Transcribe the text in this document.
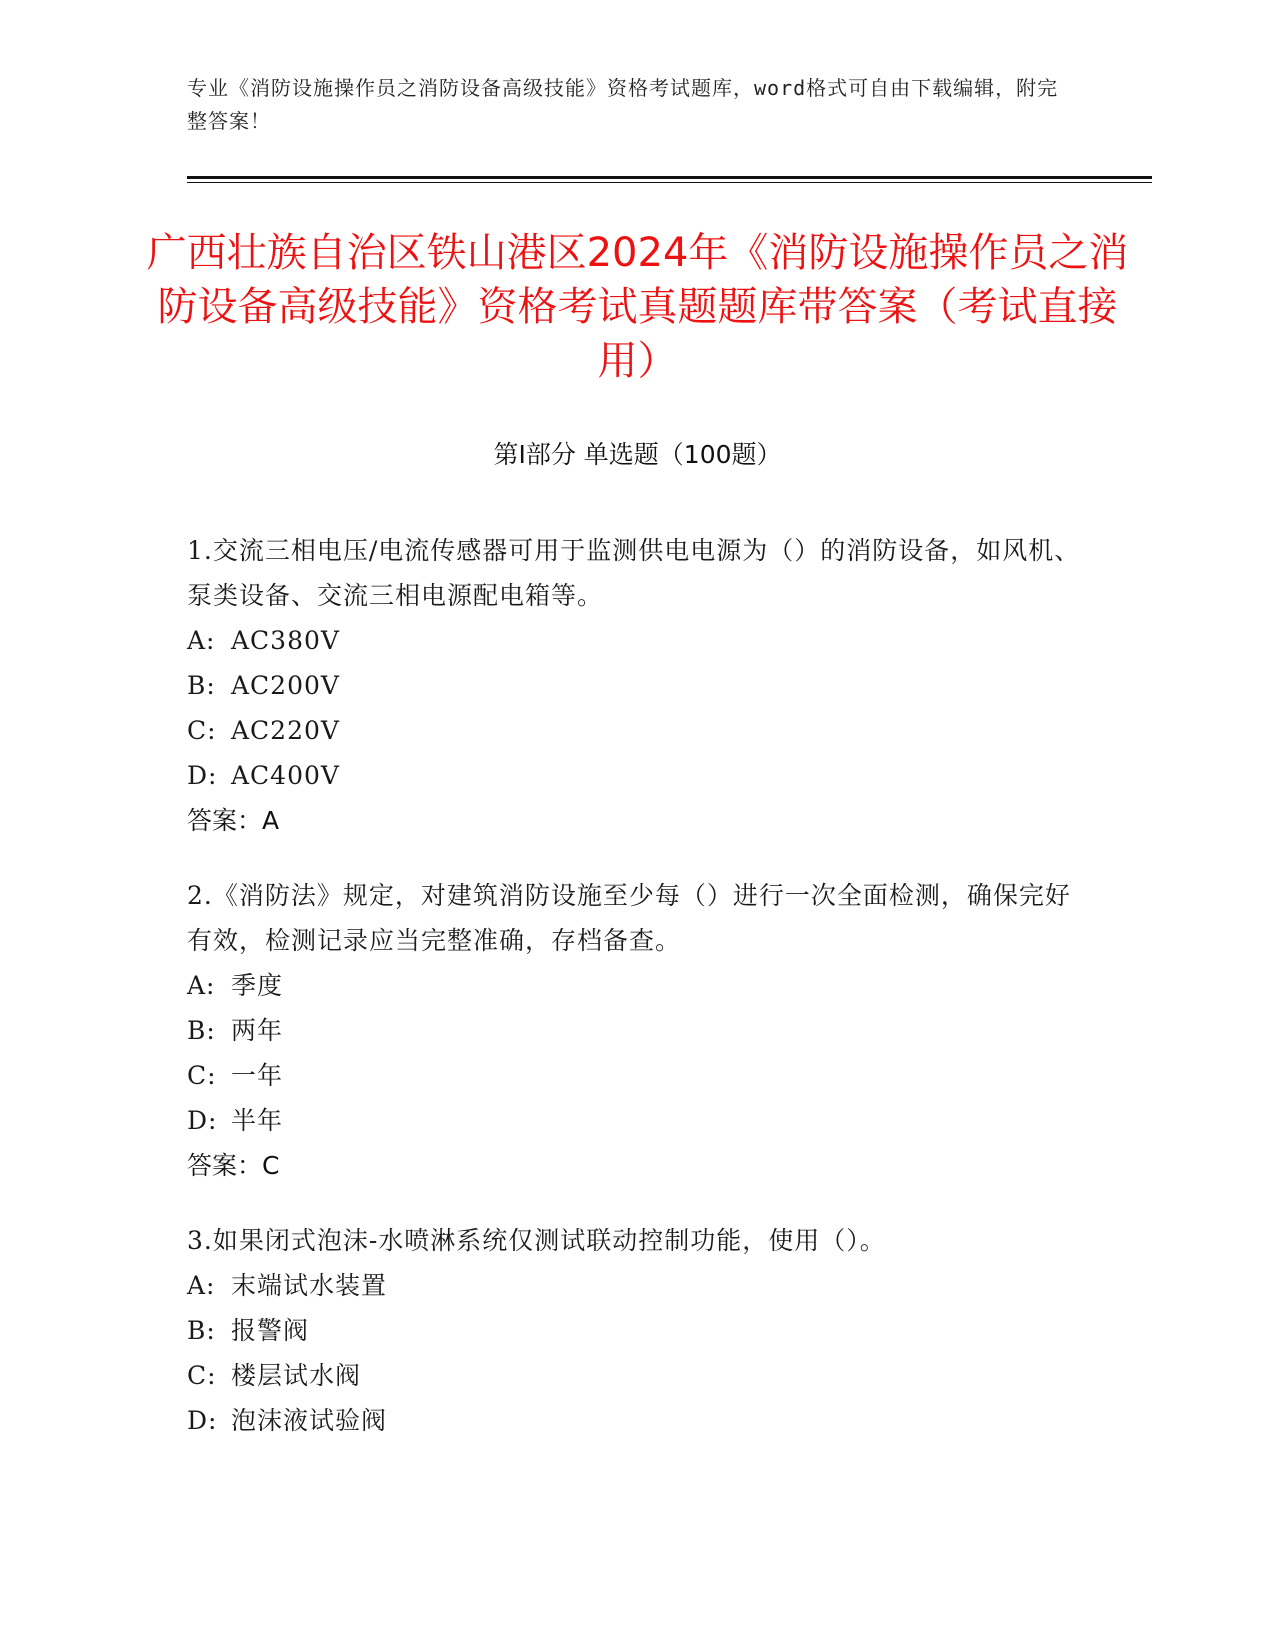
专业《消防设施操作员之消防设备高级技能》资格考试题库，word格式可自由下载编辑，附完整答案！
广西壮族自治区铁山港区2024年《消防设施操作员之消防设备高级技能》资格考试真题题库带答案（考试直接用）
第I部分 单选题（100题）
1.交流三相电压/电流传感器可用于监测供电电源为（）的消防设备，如风机、泵类设备、交流三相电源配电箱等。
A: AC380V
B: AC200V
C: AC220V
D: AC400V
答案：A
2.《消防法》规定，对建筑消防设施至少每（）进行一次全面检测，确保完好有效，检测记录应当完整准确，存档备查。
A: 季度
B: 两年
C: 一年
D: 半年
答案：C
3.如果闭式泡沫-水喷淋系统仅测试联动控制功能，使用（）。
A: 末端试水装置
B: 报警阀
C: 楼层试水阀
D: 泡沫液试验阀
